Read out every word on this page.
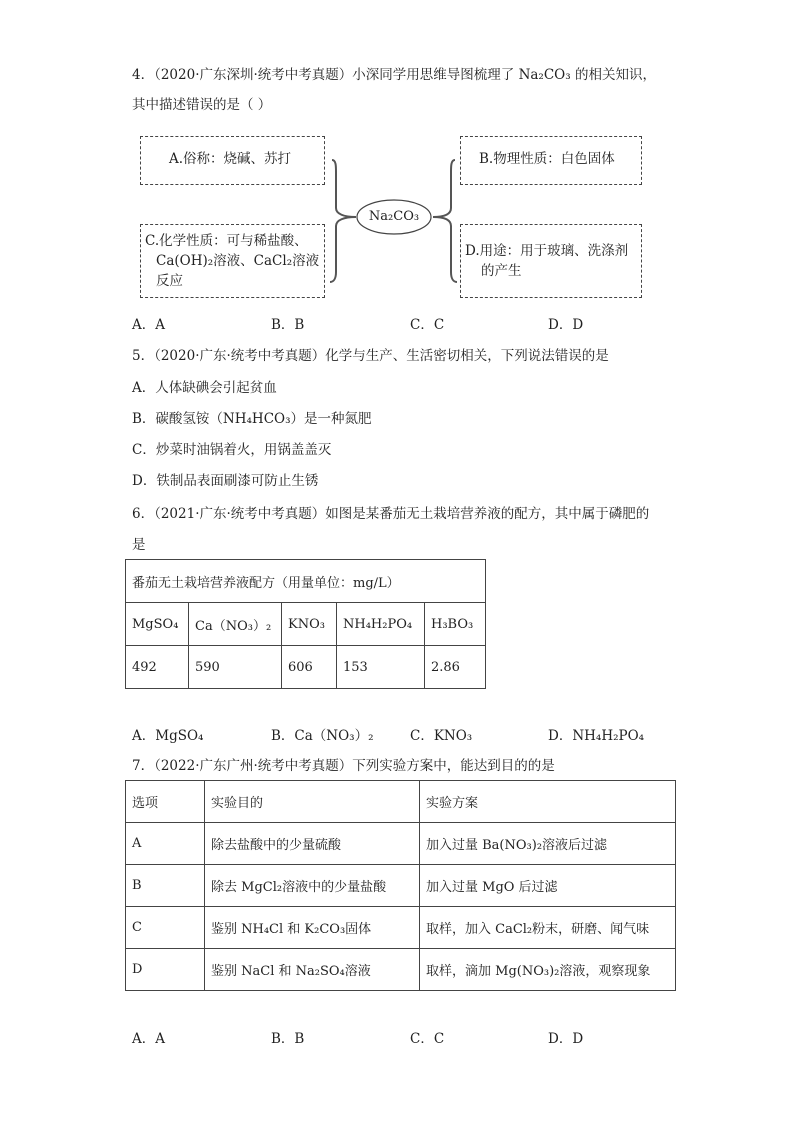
4．（2020·广东深圳·统考中考真题）小深同学用思维导图梳理了 Na₂CO₃ 的相关知识，
其中描述错误的是（ ）
A.俗称：烧碱、苏打
C.化学性质：可与稀盐酸、
Ca(OH)₂溶液、CaCl₂溶液
反应
B.物理性质：白色固体
D.用途：用于玻璃、洗涤剂
的产生
Na₂CO₃
A．A	B．B	C．C	D．D
5．（2020·广东·统考中考真题）化学与生产、生活密切相关，下列说法错误的是
A．人体缺碘会引起贫血
B．碳酸氢铵（NH₄HCO₃）是一种氮肥
C．炒菜时油锅着火，用锅盖盖灭
D．铁制品表面刷漆可防止生锈
6．（2021·广东·统考中考真题）如图是某番茄无土栽培营养液的配方，其中属于磷肥的
是
番茄无土栽培营养液配方（用量单位：mg/L）				
MgSO₄	Ca（NO₃）₂	KNO₃	NH₄H₂PO₄	H₃BO₃
492	590	606	153	2.86
A．MgSO₄	B．Ca（NO₃）₂	C．KNO₃	D．NH₄H₂PO₄
7．（2022·广东广州·统考中考真题）下列实验方案中，能达到目的的是
选项	实验目的	实验方案
A	除去盐酸中的少量硫酸	加入过量 Ba(NO₃)₂溶液后过滤
B	除去 MgCl₂溶液中的少量盐酸	加入过量 MgO 后过滤
C	鉴别 NH₄Cl 和 K₂CO₃固体	取样，加入 CaCl₂粉末，研磨、闻气味
D	鉴别 NaCl 和 Na₂SO₄溶液	取样，滴加 Mg(NO₃)₂溶液，观察现象
A．A	B．B	C．C	D．D
